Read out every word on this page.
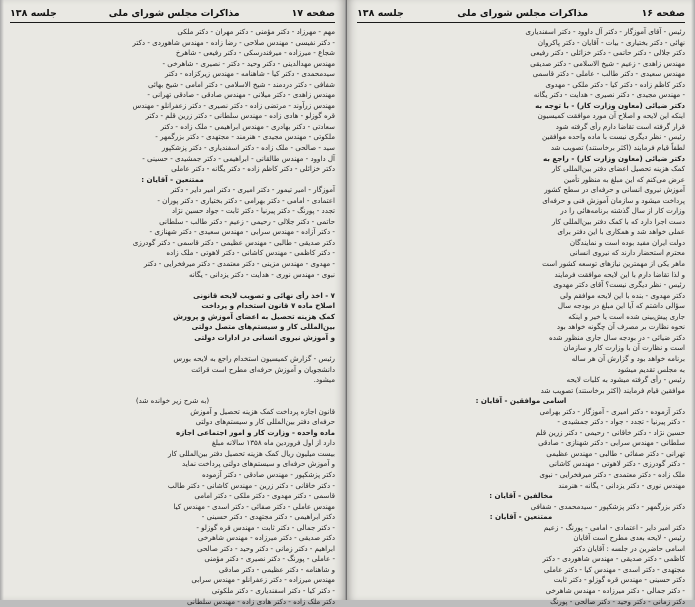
صفحه ۱۷
مذاکرات مجلس شورای ملی
جلسه ۱۳۸

مهم - مهرزاد - دکتر مؤمنی - دکتر مهران - دکتر ملکی

- دکتر نفیسی - مهندس صلاحی - رضا زاده - مهندس شاهوردی - دکتر

شجاع - میرزاده - میرفندرسکی - دکتر رفیعی - شاهرخ

مهندس مهدالدینی - دکتر وحید - دکتر - نصیری - شاهرخی -

سیدمحمدی - دکتر کیا - شاهنامه - مهندس زیرکزاده - دکتر

شفافی - دکتر دردمند - شیخ الاسلامی - دکتر امامی - شیخ بهائی

مهندس زاهدی - دکتر میلانی - مهندس صادقی - صادقی تهرانی -

مهندس زرآوند - مرتضی زاده - دکتر نصیری - دکتر زعفرانلو - مهندس

قره گوزلو - هادی زاده - مهندس سلطانی - دکتر زرین قلم - دکتر

سعادتی - دکتر بهادری - مهندس ابراهیمی - ملک زاده - دکتر

ملکوتی - مهندس مجیدی - هنرمند - مجتهدی - دکتر بزرگمهر -

سید - صالحی - ملک زاده - دکتر اسفندیاری - دکتر پزشکپور

آل داوود - مهندس طالقانی - ابراهیمی - دکتر جمشیدی - حسینی -

دکتر خزائلی - دکتر کاظم زاده - دکتر یگانه - دکتر عاملی

ممتنعین - آقایان :

آموزگار - امیر تیمور - دکتر امیری - دکتر امیر دایر - دکتر

اعتمادی - امامی - دکتر بهرامی - دکتر بختیاری - دکتر پوران -

تجدد - پورنگ - دکتر پیرنیا - دکتر ثابت - جواد حسین نژاد

حاتمی - دکتر جلالی - رحیمی - زعیم - دکتر طالب - سلطانی

- دکتر آزاده - مهندس سرابی - مهندس سعیدی - دکتر شهنازی -

دکتر صدیقی - طالبی - مهندس عظیمی - دکتر قاسمی - دکتر گودرزی

- دکتر کاظمی - مهندس کاشانی - دکتر لاهوتی - ملک زاده

- مهدوی - مهندس مزینی - دکتر معتمدی - دکتر میرفخرایی - دکتر

نبوی - مهندس نوری - هدایت - دکتر یزدانی - یگانه

۷ - اخذ رأی نهائی و تصویب لایحه قانونی

اصلاح ماده ۷ قانون استخدام و پرداخت

کمک هزینه تحصیل به اعضای آموزش و پرورش

بین‌المللی کار و سیستم‌های متصل دولتی

و آموزش نیروی انسانی در ادارات دولتی

رئیس - گزارش کمیسیون استخدام راجع به لایحه بورس

دانشجویان و آموزش حرفه‌ای مطرح است قرائت

میشود.

(به شرح زیر خوانده شد)

قانون اجازه پرداخت کمک هزینه تحصیل و آموزش

حرفه‌ای دفتر بین‌المللی کار و سیستم‌های دولتی

ماده واحده - وزارت کار و امور اجتماعی اجازه

دارد از اول فروردین ماه ۱۳۵۸ سالانه مبلغ

بیست میلیون ریال کمک هزینه تحصیل دفتر بین‌المللی کار

و آموزش حرفه‌ای و سیستم‌های دولتی پرداخت نماید

دکتر پزشکپور - مهندس صادقی - دکتر آزموده

- دکتر خاقانی - دکتر زرین - مهندس کاشانی - دکتر طالب

قاسمی - دکتر مهدوی - دکتر ملکی - دکتر امامی

مهندس عاملی - دکتر صفائی - دکتر اسدی - مهندس کیا

دکتر ابراهیمی - دکتر مجتهدی - دکتر حسینی -

- دکتر جمالی - دکتر ثابت - مهندس قره گوزلو -

دکتر صدیقی - دکتر میرزاده - مهندس شاهرخی

ابراهیم - دکتر زمانی - دکتر وحید - دکتر صالحی

- عاملی - پورنگ - دکتر نصیری - دکتر مؤمنی

و شاهنامه - دکتر عظیمی - دکتر صادقی

مهندس میرزاده - دکتر زعفرانلو - مهندس سرابی

- دکتر کیا - دکتر اسفندیاری - دکتر ملکوتی

دکتر ملک زاده - دکتر هادی زاده - مهندس سلطانی

صفحه ۱۶
مذاکرات مجلس شورای ملی
جلسه ۱۳۸

رئیس - آقای آموزگار - دکتر آل داوود - دکتر اسفندیاری

نهائی - دکتر بختیاری - بیات - آقایان - دکتر پاکروان

دکتر جلالی - دکتر حاتمی - دکتر خزائلی - دکتر رفیعی

مهندس زاهدی - زعیم - شیخ الاسلامی - دکتر صدیقی

مهندس سعیدی - دکتر طالب - عاملی - دکتر قاسمی

دکتر کاظم زاده - دکتر کیا - دکتر ملکی - مهدوی

- مهندس مجیدی - دکتر نصیری - هدایت - دکتر یگانه

دکتر ضیائی (معاون وزارت کار) - با توجه به

اینکه این لایحه و اصلاح آن مورد موافقت کمیسیون

قرار گرفته است تقاضا دارم رأی گرفته شود

رئیس - نظر دیگری نیست با ماده واحده موافقین

لطفاً قیام فرمایند (اکثر برخاستند) تصویب شد

دکتر ضیائی (معاون وزارت کار) - راجع به

کمک هزینه تحصیل اعضای دفتر بین‌المللی کار

عرض می‌کنم که این مبلغ به منظور تأمین

آموزش نیروی انسانی و حرفه‌ای در سطح کشور

پرداخت میشود و سازمان آموزش فنی و حرفه‌ای

وزارت کار از سال گذشته برنامه‌هائی را در

دست اجرا دارد که با کمک دفتر بین‌المللی کار

عملی خواهد شد و همکاری با این دفتر برای

دولت ایران مفید بوده است و نمایندگان

محترم استحضار دارند که نیروی انسانی

ماهر یکی از مهمترین نیازهای توسعه کشور است

و لذا تقاضا دارم با این لایحه موافقت فرمایند

رئیس - نظر دیگری نیست؟ آقای دکتر مهدوی

دکتر مهدوی - بنده با این لایحه موافقم ولی

سؤالی داشتم که آیا این مبلغ در بودجه سال

جاری پیش‌بینی شده است یا خیر و اینکه

نحوه نظارت بر مصرف آن چگونه خواهد بود

دکتر ضیائی - در بودجه سال جاری منظور شده

است و نظارت آن با وزارت کار و سازمان

برنامه خواهد بود و گزارش آن هر ساله

به مجلس تقدیم میشود

رئیس - رأی گرفته میشود به کلیات لایحه

موافقین قیام فرمایند (اکثر برخاستند) تصویب شد

اسامی موافقین - آقایان :

دکتر آزموده - دکتر امیری - آموزگار - دکتر بهرامی

- دکتر پیرنیا - تجدد - جواد - دکتر جمشیدی -

حسین نژاد - دکتر خاقانی - رحیمی - دکتر زرین قلم

سلطانی - مهندس سرابی - دکتر شهنازی - صادقی

تهرانی - دکتر صفائی - طالبی - مهندس عظیمی

- دکتر گودرزی - دکتر لاهوتی - مهندس کاشانی

ملک زاده - دکتر معتمدی - دکتر میرفخرایی - نبوی

مهندس نوری - دکتر یزدانی - یگانه - هنرمند

مخالفین - آقایان :

دکتر بزرگمهر - دکتر پزشکپور - سیدمحمدی - شفافی

ممتنعین - آقایان :

دکتر امیر دایر - اعتمادی - امامی - پورنگ - زعیم

رئیس - لایحه بعدی مطرح است آقایان

اسامی حاضرین در جلسه : آقایان دکتر

کاظمی - دکتر صدیقی - مهندس شاهوردی - دکتر

مجتهدی - دکتر اسدی - مهندس کیا - دکتر عاملی

دکتر حسینی - مهندس قره گوزلو - دکتر ثابت

- دکتر جمالی - دکتر میرزاده - مهندس شاهرخی

دکتر زمانی - دکتر وحید - دکتر صالحی - پورنگ
